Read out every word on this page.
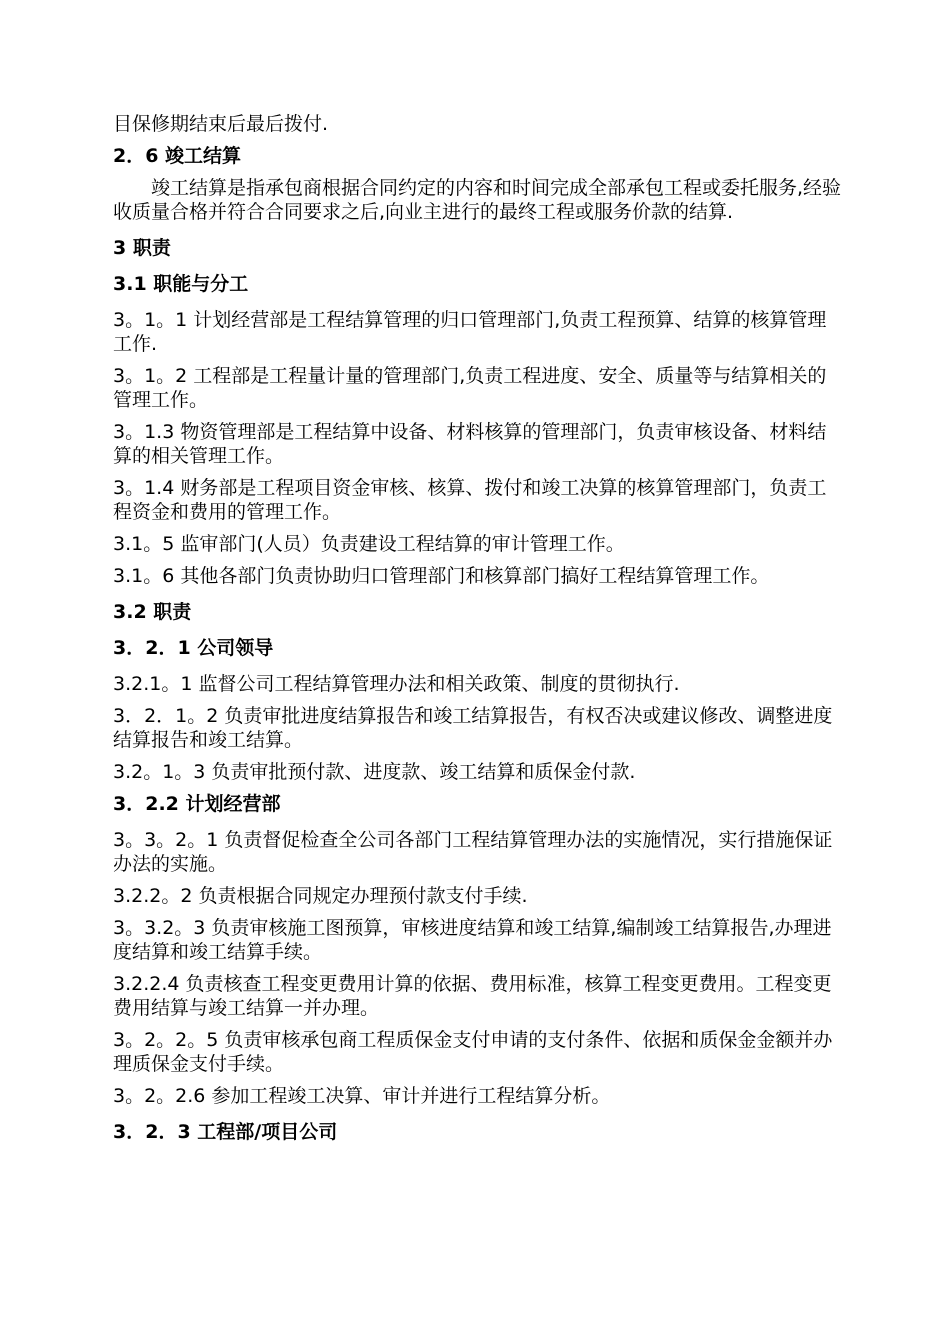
目保修期结束后最后拨付.

2．6 竣工结算

竣工结算是指承包商根据合同约定的内容和时间完成全部承包工程或委托服务,经验收质量合格并符合合同要求之后,向业主进行的最终工程或服务价款的结算.

3 职责

3.1 职能与分工

3。1。1 计划经营部是工程结算管理的归口管理部门,负责工程预算、结算的核算管理工作.

3。1。2 工程部是工程量计量的管理部门,负责工程进度、安全、质量等与结算相关的管理工作。

3。1.3 物资管理部是工程结算中设备、材料核算的管理部门，负责审核设备、材料结算的相关管理工作。

3。1.4 财务部是工程项目资金审核、核算、拨付和竣工决算的核算管理部门，负责工程资金和费用的管理工作。

3.1。5 监审部门(人员）负责建设工程结算的审计管理工作。

3.1。6 其他各部门负责协助归口管理部门和核算部门搞好工程结算管理工作。

3.2 职责

3．2．1 公司领导

3.2.1。1 监督公司工程结算管理办法和相关政策、制度的贯彻执行.

3．2．1。2 负责审批进度结算报告和竣工结算报告，有权否决或建议修改、调整进度结算报告和竣工结算。

3.2。1。3 负责审批预付款、进度款、竣工结算和质保金付款.

3．2.2 计划经营部

3。3。2。1 负责督促检查全公司各部门工程结算管理办法的实施情况，实行措施保证办法的实施。

3.2.2。2 负责根据合同规定办理预付款支付手续.

3。3.2。3 负责审核施工图预算，审核进度结算和竣工结算,编制竣工结算报告,办理进度结算和竣工结算手续。

3.2.2.4 负责核查工程变更费用计算的依据、费用标准，核算工程变更费用。工程变更费用结算与竣工结算一并办理。

3。2。2。5 负责审核承包商工程质保金支付申请的支付条件、依据和质保金金额并办理质保金支付手续。

3。2。2.6 参加工程竣工决算、审计并进行工程结算分析。

3．2．3 工程部/项目公司
